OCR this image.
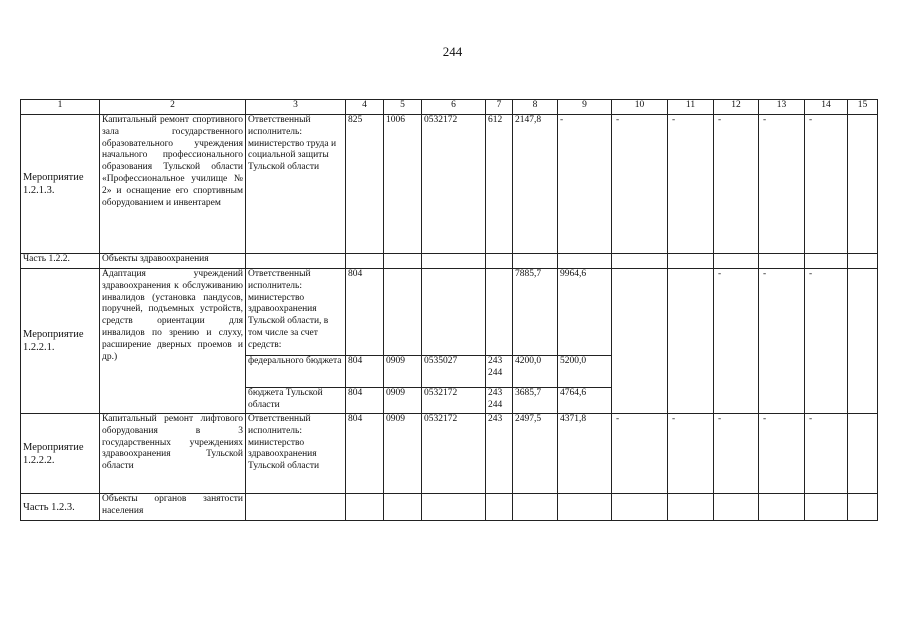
244
1	2	3	4	5	6	7	8	9	10	11	12	13	14	15
Мероприятие 1.2.1.3.	Капитальный ремонт спортивного зала государственного образовательного учреждения начального профессионального образования Тульской области «Профессиональное училище № 2» и оснащение его спортивным оборудованием и инвентарем	Ответственный исполнитель: министерство труда и социальной защиты Тульской области	825	1006	0532172	612	2147,8	-	-	-	-	-	-	
Часть 1.2.2.	Объекты здравоохранения													
Мероприятие 1.2.2.1.	Адаптация учреждений здравоохранения к обслуживанию инвалидов (установка пандусов, поручней, подъемных устройств, средств ориентации для инвалидов по зрению и слуху, расширение дверных проемов и др.)	Ответственный исполнитель: министерство здравоохранения Тульской области, в том числе за счет средств:	804				7885,7	9964,6			-	-	-	
		федерального бюджета	804	0909	0535027	243 244	4200,0	5200,0						
		бюджета Тульской области	804	0909	0532172	243 244	3685,7	4764,6						
Мероприятие 1.2.2.2.	Капитальный ремонт лифтового оборудования в 3 государственных учреждениях здравоохранения Тульской области	Ответственный исполнитель: министерство здравоохранения Тульской области	804	0909	0532172	243	2497,5	4371,8	-	-	-	-	-	
Часть 1.2.3.	Объекты органов занятости населения													
